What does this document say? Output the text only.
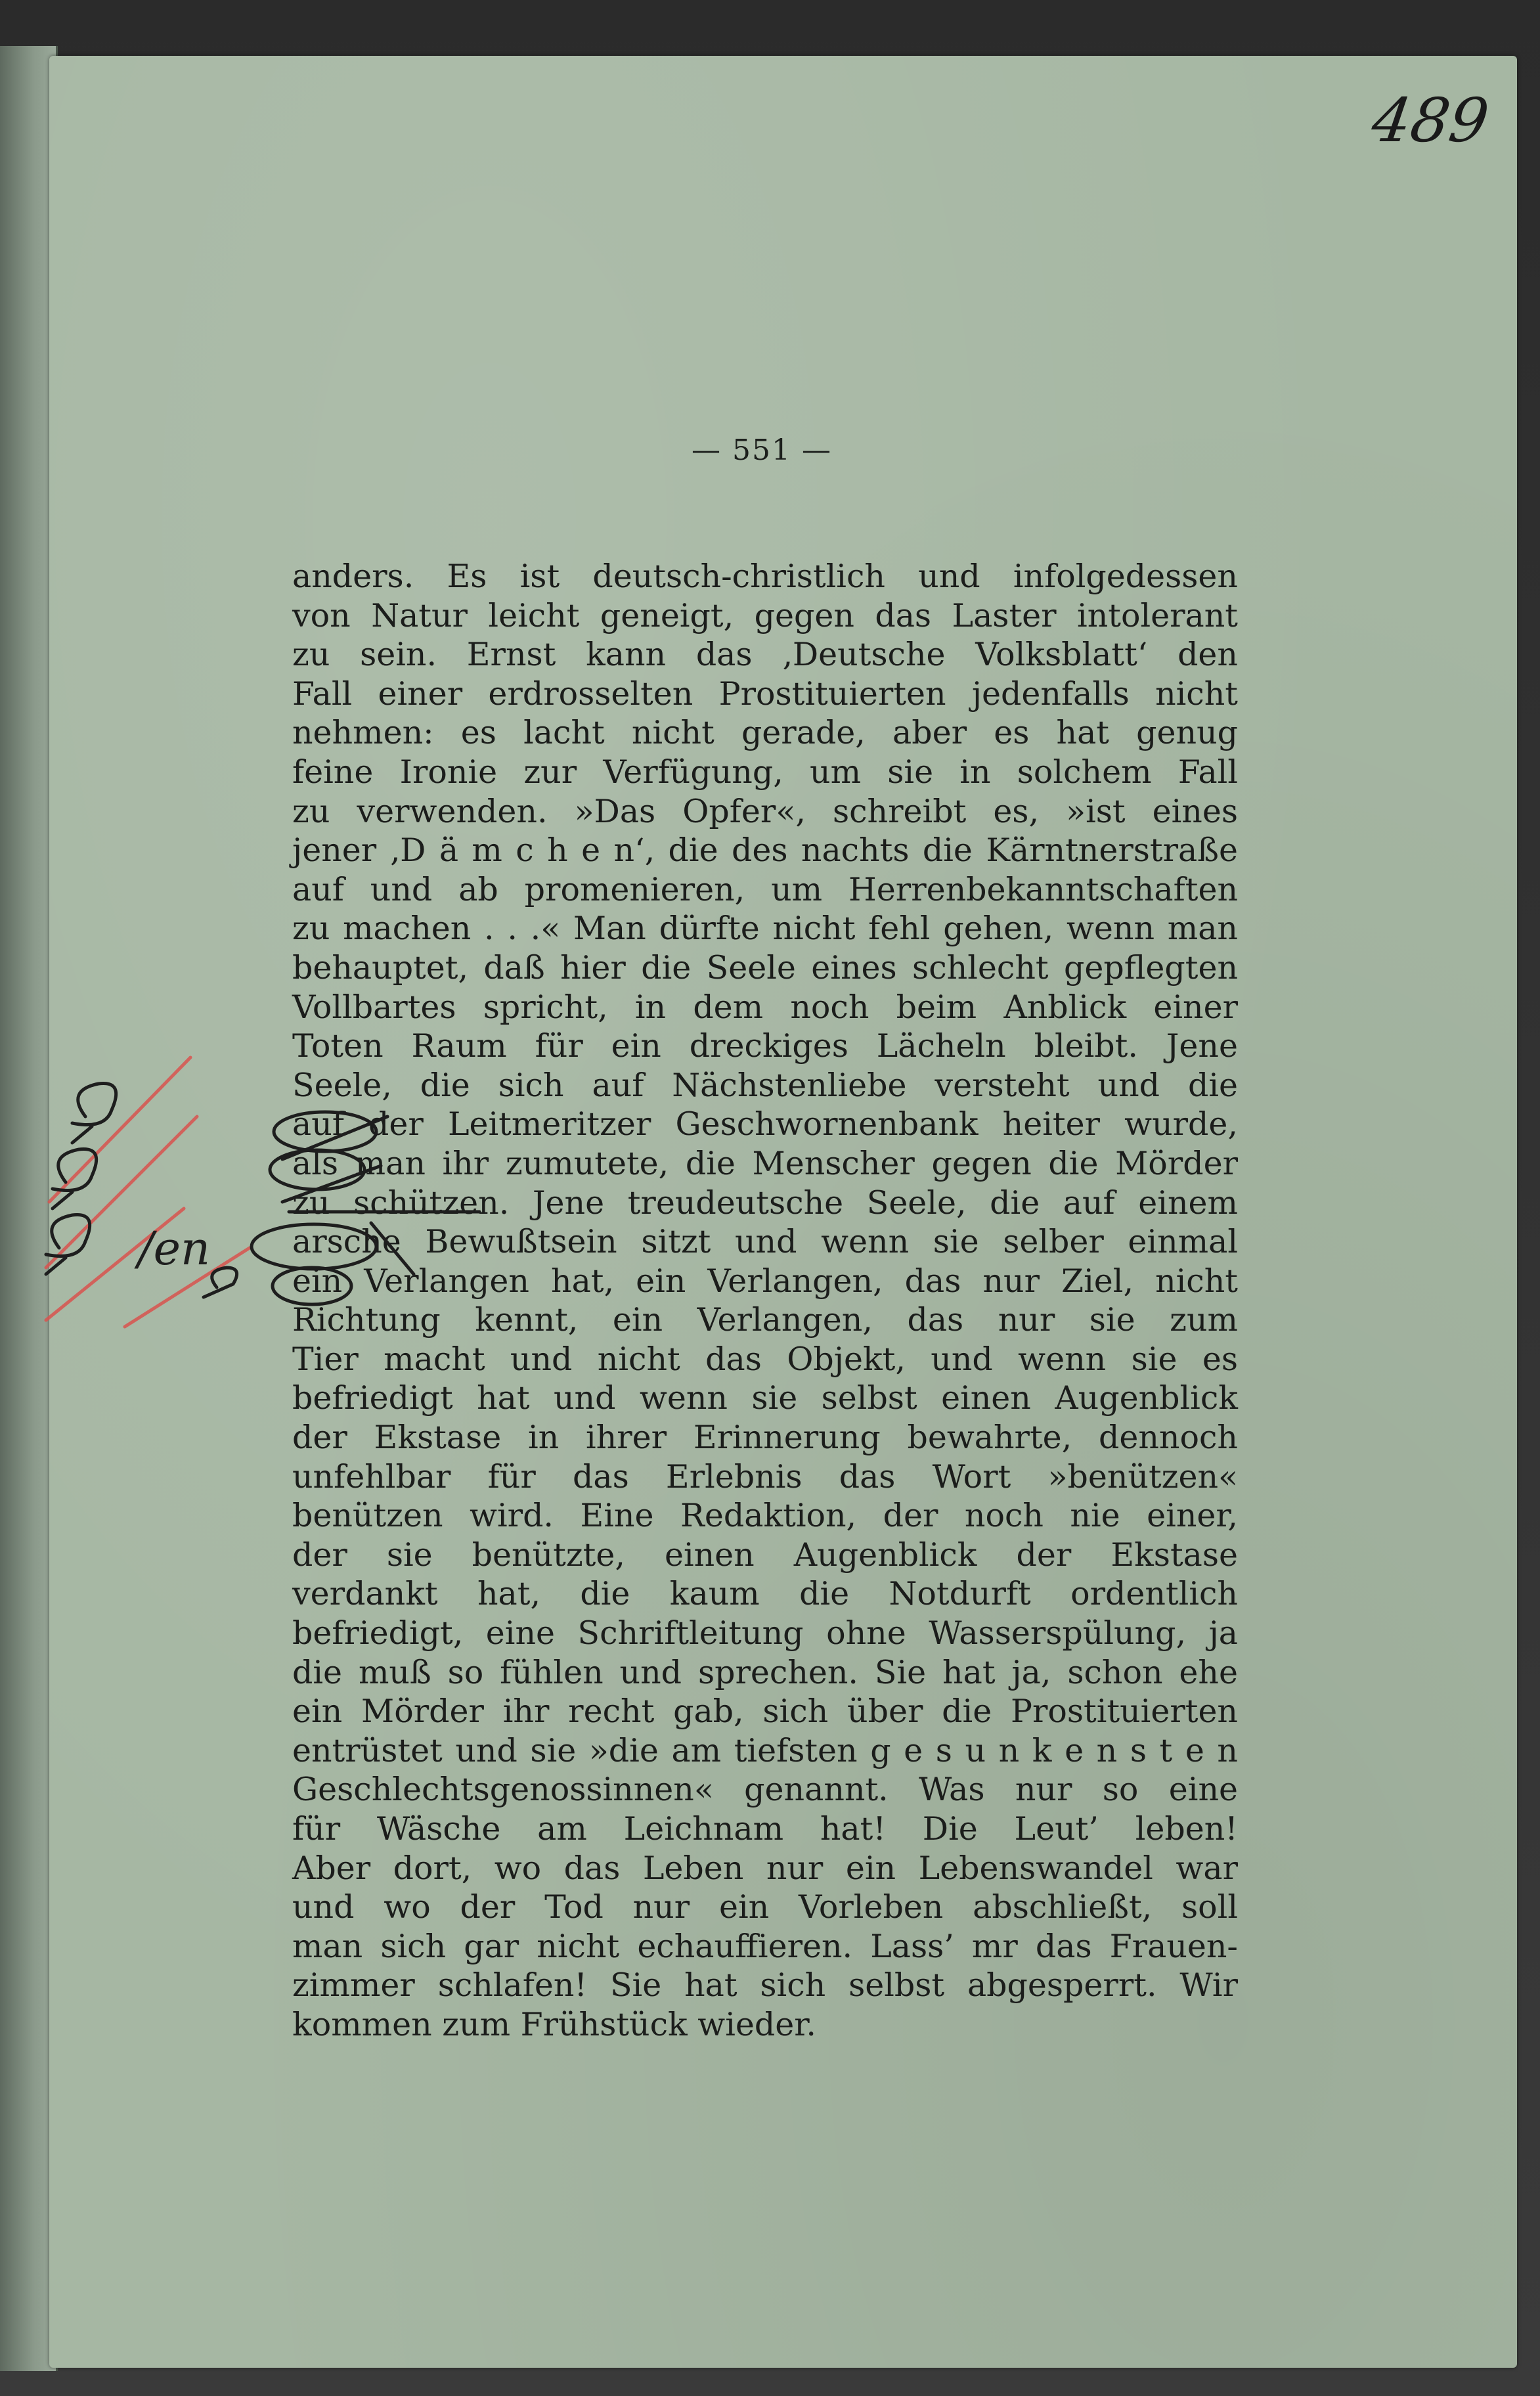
489
— 551 —
anders. Es ist deutsch-christlich und infolgedessen
von Natur leicht geneigt, gegen das Laster intolerant
zu sein. Ernst kann das ‚Deutsche Volksblatt‘ den
Fall einer erdrosselten Prostituierten jedenfalls nicht
nehmen: es lacht nicht gerade, aber es hat genug
feine Ironie zur Verfügung, um sie in solchem Fall
zu verwenden. »Das Opfer«, schreibt es, »ist eines
jener ‚D ä m c h e n‘, die des nachts die Kärntnerstraße
auf und ab promenieren, um Herrenbekanntschaften
zu machen . . .« Man dürfte nicht fehl gehen, wenn man
behauptet, daß hier die Seele eines schlecht gepflegten
Vollbartes spricht, in dem noch beim Anblick einer
Toten Raum für ein dreckiges Lächeln bleibt. Jene
Seele, die sich auf Nächstenliebe versteht und die
auf der Leitmeritzer Geschwornenbank heiter wurde,
als man ihr zumutete, die Menscher gegen die Mörder
zu schützen. Jene treudeutsche Seele, die auf einem
arsche Bewußtsein sitzt und wenn sie selber einmal
ein Verlangen hat, ein Verlangen, das nur Ziel, nicht
Richtung kennt, ein Verlangen, das nur sie zum
Tier macht und nicht das Objekt, und wenn sie es
befriedigt hat und wenn sie selbst einen Augenblick
der Ekstase in ihrer Erinnerung bewahrte, dennoch
unfehlbar für das Erlebnis das Wort »benützen«
benützen wird. Eine Redaktion, der noch nie einer,
der sie benützte, einen Augenblick der Ekstase
verdankt hat, die kaum die Notdurft ordentlich
befriedigt, eine Schriftleitung ohne Wasserspülung, ja
die muß so fühlen und sprechen. Sie hat ja, schon ehe
ein Mörder ihr recht gab, sich über die Prostituierten
entrüstet und sie »die am tiefsten g e s u n k e n s t e n
Geschlechtsgenossinnen« genannt. Was nur so eine
für Wäsche am Leichnam hat! Die Leut’ leben!
Aber dort, wo das Leben nur ein Lebenswandel war
und wo der Tod nur ein Vorleben abschließt, soll
man sich gar nicht echauffieren. Lass’ mr das Frauen-
zimmer schlafen! Sie hat sich selbst abgesperrt. Wir
kommen zum Frühstück wieder.
/en
